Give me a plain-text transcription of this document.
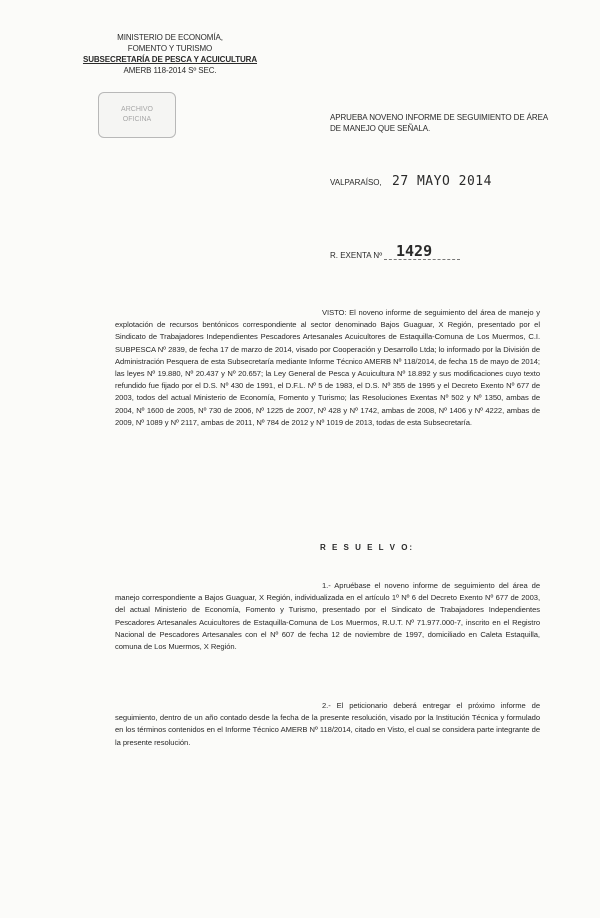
MINISTERIO DE ECONOMÍA,
FOMENTO Y TURISMO
SUBSECRETARÍA DE PESCA Y ACUICULTURA
AMERB 118-2014 Sº SEC.
ARCHIVO
OFICINA	APRUEBA NOVENO INFORME DE SEGUIMIENTO DE ÁREA DE MANEJO QUE SEÑALA.
VALPARAÍSO, 27 MAYO 2014
R. EXENTA Nº 1429
VISTO: El noveno informe de seguimiento del área de manejo y explotación de recursos bentónicos correspondiente al sector denominado Bajos Guaguar, X Región, presentado por el Sindicato de Trabajadores Independientes Pescadores Artesanales Acuicultores de Estaquilla-Comuna de Los Muermos, C.I. SUBPESCA Nº 2839, de fecha 17 de marzo de 2014, visado por Cooperación y Desarrollo Ltda; lo informado por la División de Administración Pesquera de esta Subsecretaría mediante Informe Técnico AMERB Nº 118/2014, de fecha 15 de mayo de 2014; las leyes Nº 19.880, Nº 20.437 y Nº 20.657; la Ley General de Pesca y Acuicultura Nº 18.892 y sus modificaciones cuyo texto refundido fue fijado por el D.S. Nº 430 de 1991, el D.F.L. Nº 5 de 1983, el D.S. Nº 355 de 1995 y el Decreto Exento Nº 677 de 2003, todos del actual Ministerio de Economía, Fomento y Turismo; las Resoluciones Exentas Nº 502 y Nº 1350, ambas de 2004, Nº 1600 de 2005, Nº 730 de 2006, Nº 1225 de 2007, Nº 428 y Nº 1742, ambas de 2008, Nº 1406 y Nº 4222, ambas de 2009, Nº 1089 y Nº 2117, ambas de 2011, Nº 784 de 2012 y Nº 1019 de 2013, todas de esta Subsecretaría.
R E S U E L V O:
1.- Apruébase el noveno informe de seguimiento del área de manejo correspondiente a Bajos Guaguar, X Región, individualizada en el artículo 1º Nº 6 del Decreto Exento Nº 677 de 2003, del actual Ministerio de Economía, Fomento y Turismo, presentado por el Sindicato de Trabajadores Independientes Pescadores Artesanales Acuicultores de Estaquilla-Comuna de Los Muermos, R.U.T. Nº 71.977.000-7, inscrito en el Registro Nacional de Pescadores Artesanales con el Nº 607 de fecha 12 de noviembre de 1997, domiciliado en Caleta Estaquilla, comuna de Los Muermos, X Región.
2.- El peticionario deberá entregar el próximo informe de seguimiento, dentro de un año contado desde la fecha de la presente resolución, visado por la Institución Técnica y formulado en los términos contenidos en el Informe Técnico AMERB Nº 118/2014, citado en Visto, el cual se considera parte integrante de la presente resolución.
